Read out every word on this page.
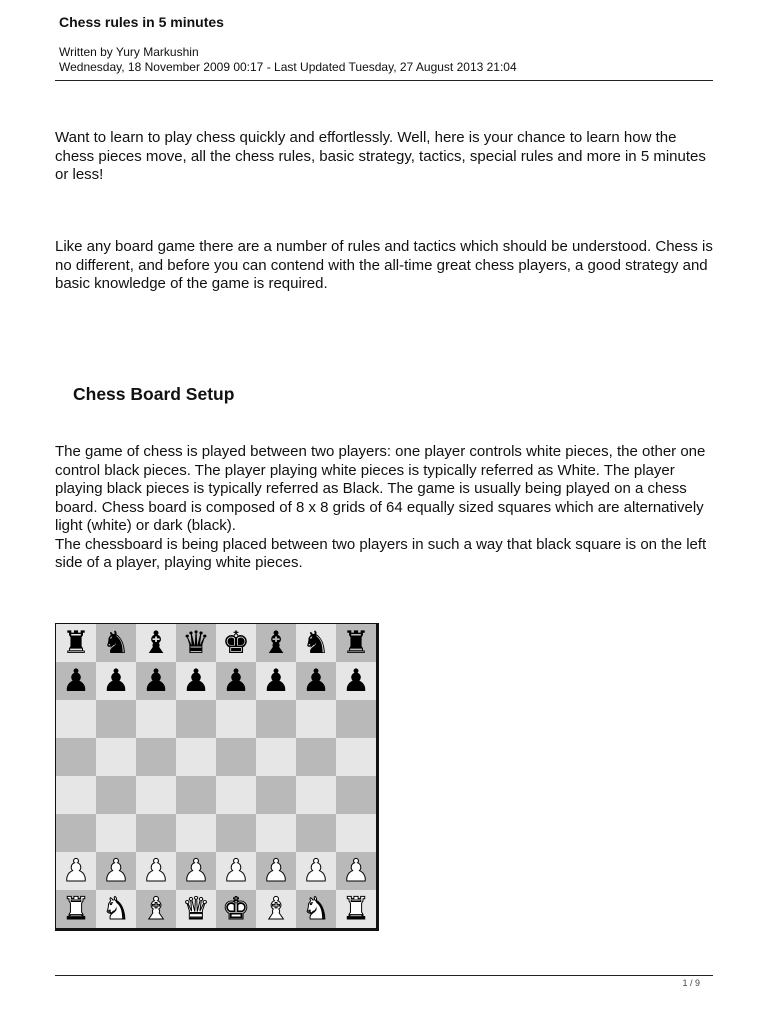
Chess rules in 5 minutes
Written by Yury Markushin
Wednesday, 18 November 2009 00:17 - Last Updated Tuesday, 27 August 2013 21:04

Want to learn to play chess quickly and effortlessly. Well, here is your chance to learn how the chess pieces move, all the chess rules, basic strategy, tactics, special rules and more in 5 minutes or less!

Like any board game there are a number of rules and tactics which should be understood. Chess is no different, and before you can contend with the all-time great chess players, a good strategy and basic knowledge of the game is required.

Chess Board Setup
The game of chess is played between two players: one player controls white pieces, the other one control black pieces. The player playing white pieces is typically referred as White. The player playing black pieces is typically referred as Black. The game is usually being played on a chess board. Chess board is composed of 8 x 8 grids of 64 equally sized squares which are alternatively light (white) or dark (black).
The chessboard is being placed between two players in such a way that black square is on the left side of a player, playing white pieces.
♜ ♞ ♝ ♛ ♚ ♝ ♞ ♜
♟ ♟ ♟ ♟ ♟ ♟ ♟ ♟
♟ ♟ ♟ ♟ ♟ ♟ ♟ ♟
♜ ♞ ♝ ♛ ♚ ♝ ♞ ♜
1 / 9
